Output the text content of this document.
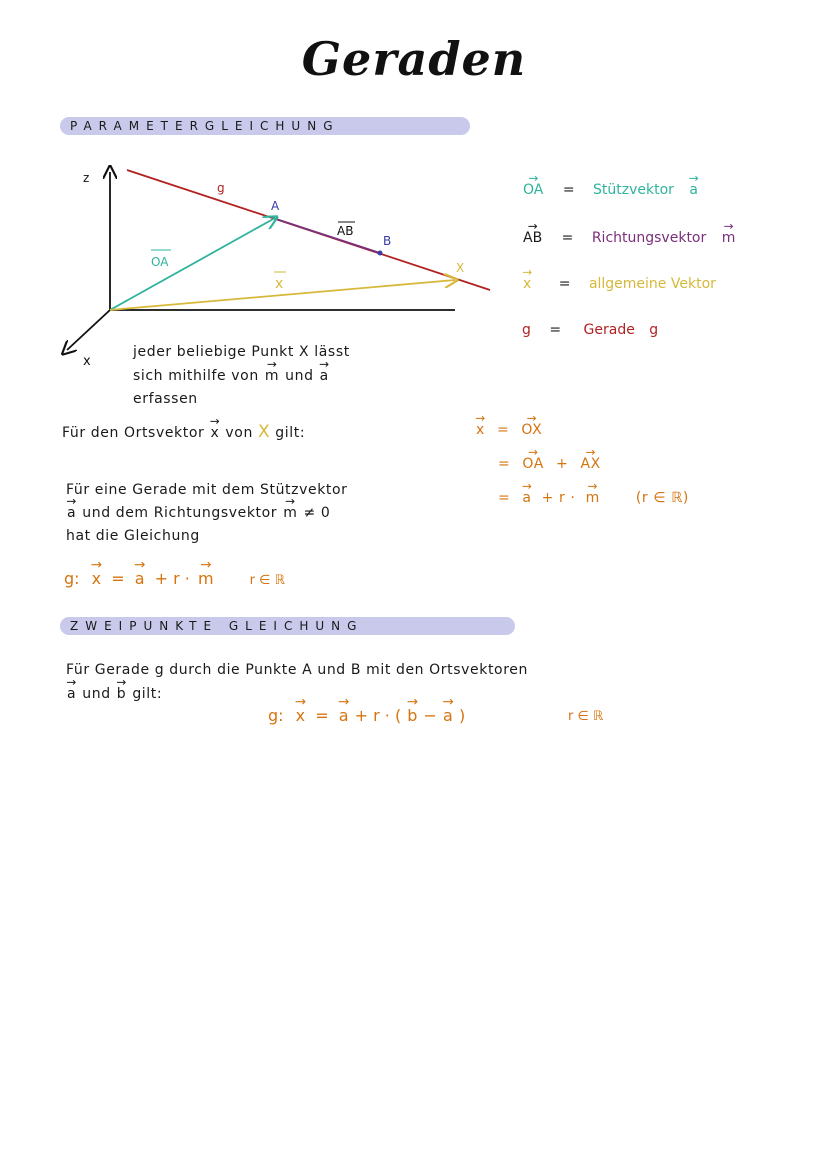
Geraden
PARAMETERGLEICHUNG
z
x
g
A
B
AB
OA
x
X
→ OA = Stützvektor → a
→ AB = Richtungsvektor → m
→ x = allgemeine Vektor
g = Gerade g
jeder beliebige Punkt X lässt
sich mithilfe von → m und → a
erfassen
Für den Ortsvektor → x von X gilt:	→ x = → OX
= → OA + → AX
= → a + r · → m	(r ∈ ℝ)
Für eine Gerade mit dem Stützvektor
→ a und dem Richtungsvektor → m ≠ 0
hat die Gleichung
g: → x = → a + r · → m	r ∈ ℝ
ZWEIPUNKTE GLEICHUNG
Für Gerade g durch die Punkte A und B mit den Ortsvektoren
→ a und → b gilt:
g: → x = → a + r · ( → b − → a )	r ∈ ℝ
